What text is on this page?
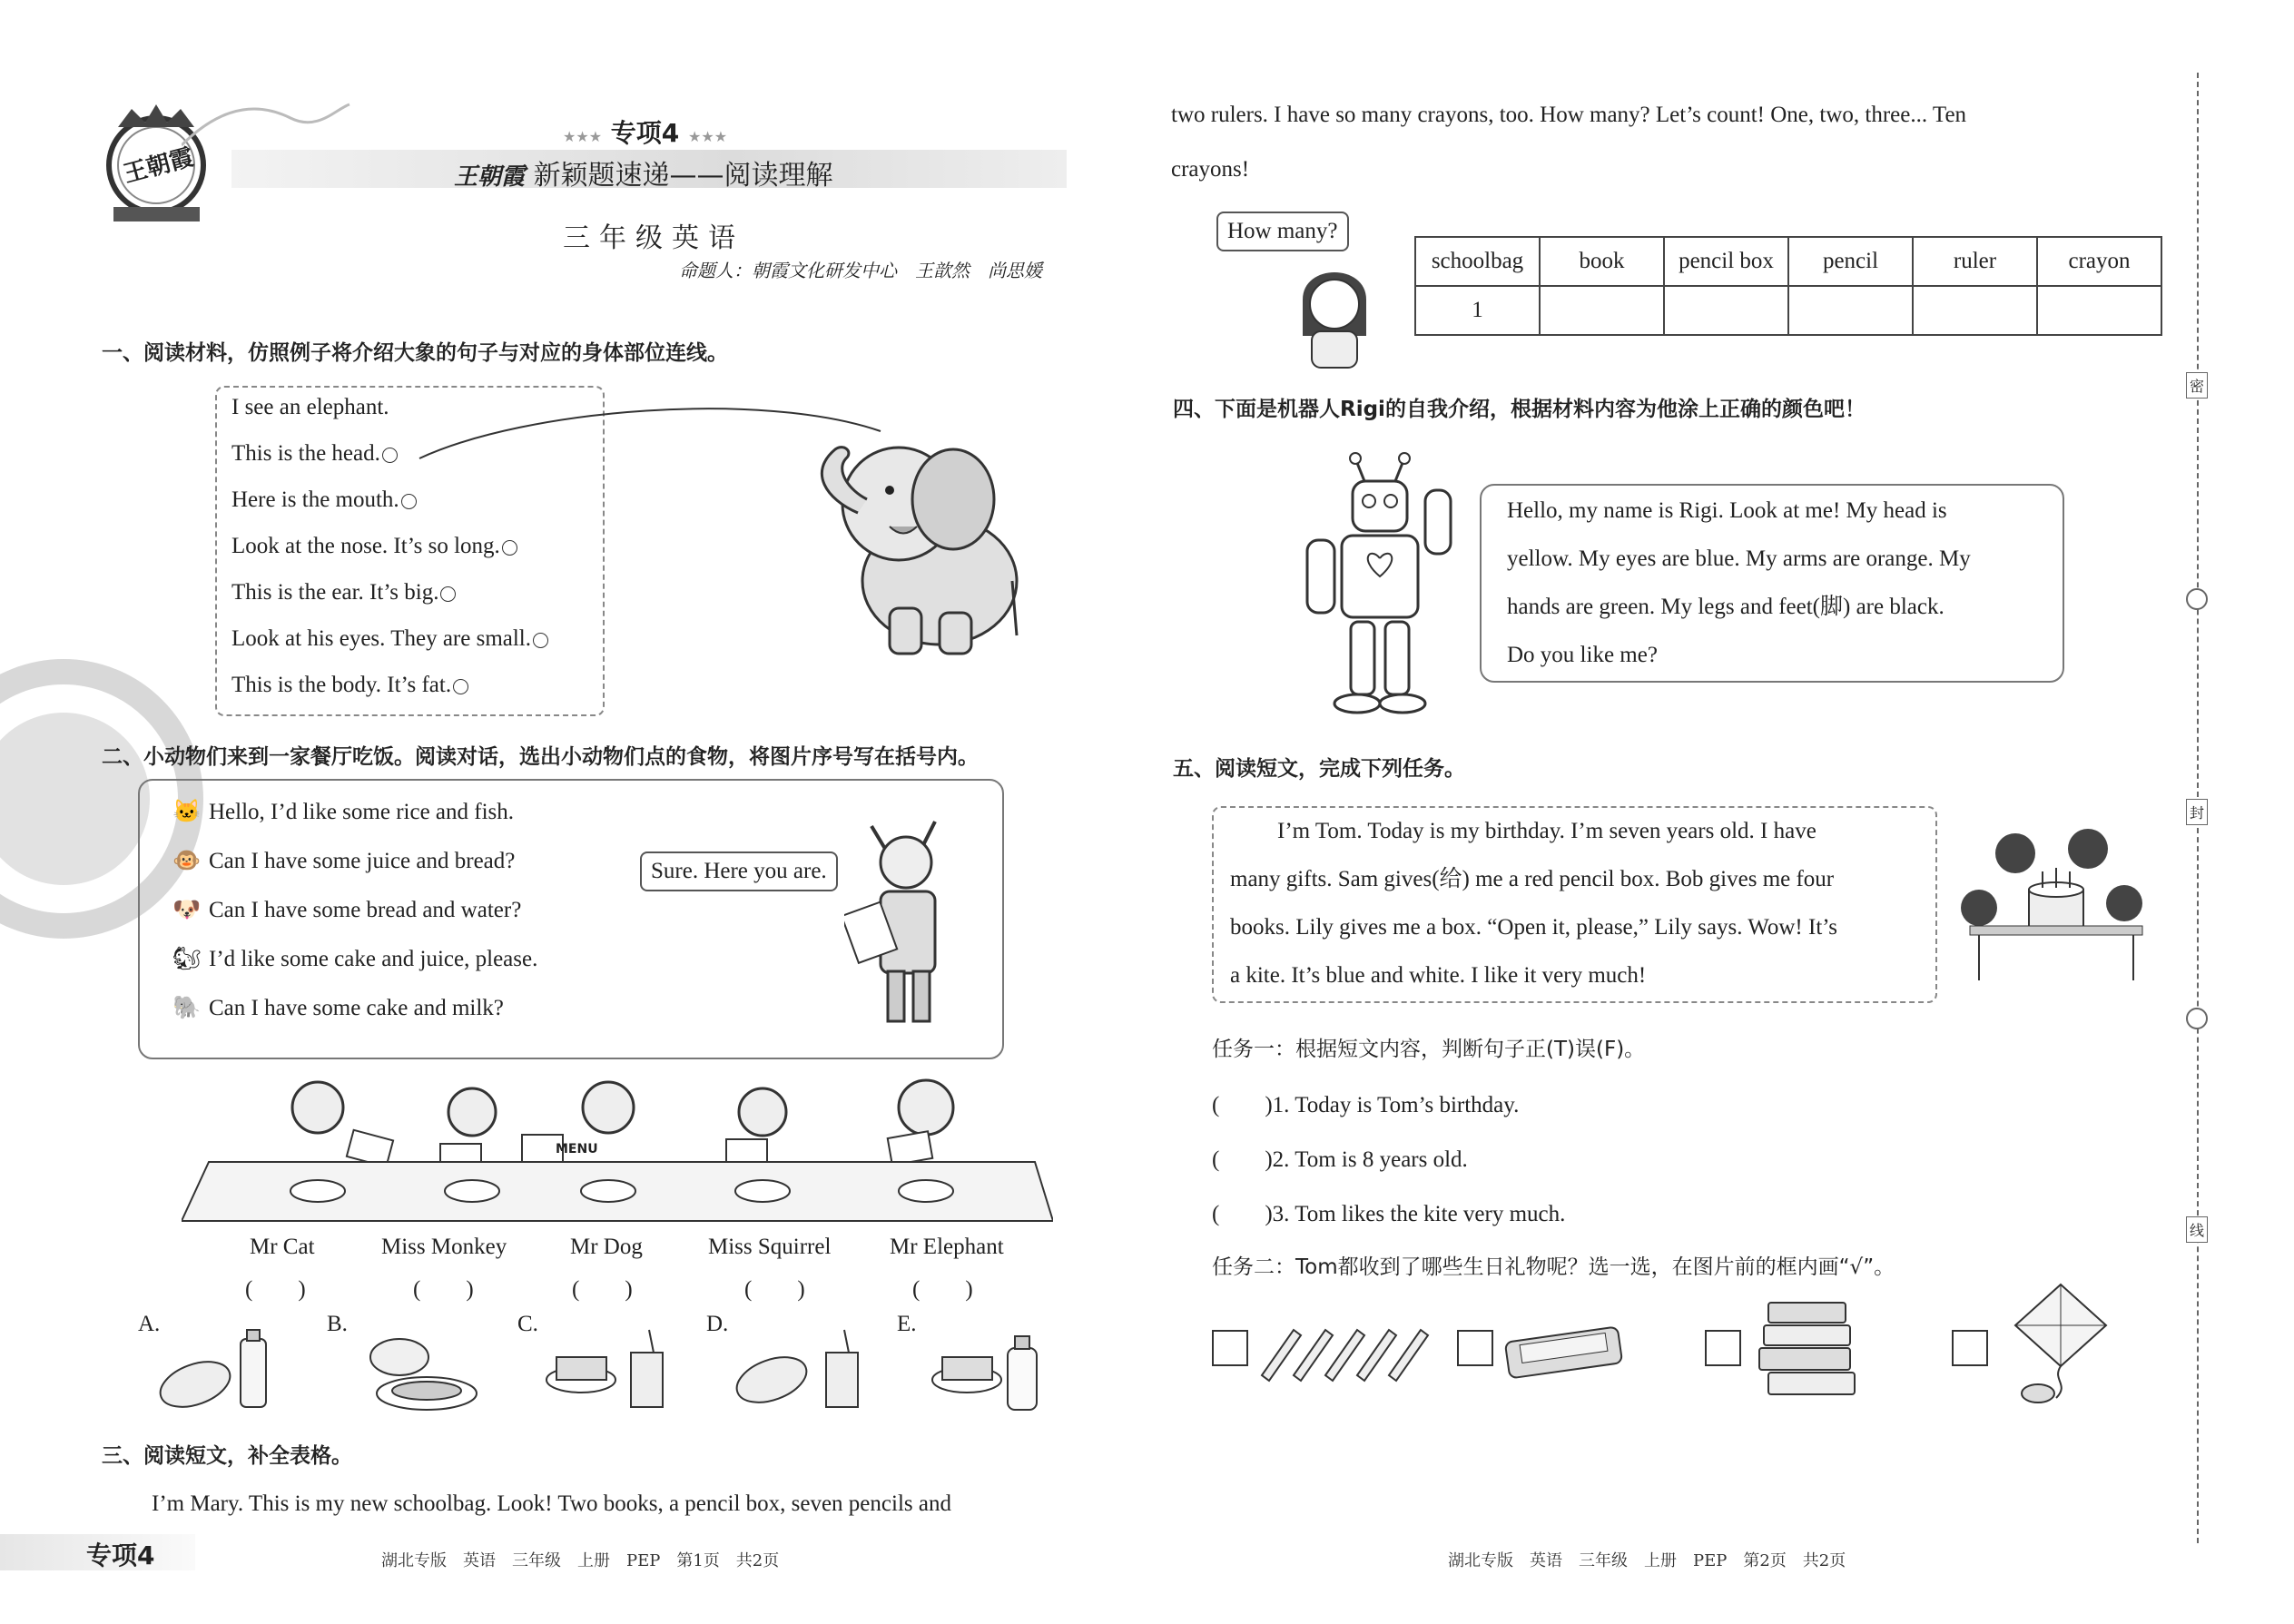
王朝霞
★★★ 专项4 ★★★
王朝霞 新颖题速递——阅读理解
三年级英语
命题人：朝霞文化研发中心　王歆然　尚思媛
一、阅读材料，仿照例子将介绍大象的句子与对应的身体部位连线。
I see an elephant.
This is the head.
Here is the mouth.
Look at the nose. It’s so long.
This is the ear. It’s big.
Look at his eyes. They are small.
This is the body. It’s fat.
二、小动物们来到一家餐厅吃饭。阅读对话，选出小动物们点的食物，将图片序号写在括号内。
🐱 Hello, I’d like some rice and fish.
🐵 Can I have some juice and bread?
🐶 Can I have some bread and water?
🐿 I’d like some cake and juice, please.
🐘 Can I have some cake and milk?
Sure. Here you are.
MENU
Mr Cat	Miss Monkey	Mr Dog	Miss Squirrel	Mr Elephant
(　　)	(　　)	(　　)	(　　)	(　　)
A.	B.	C.	D.	E.
三、阅读短文，补全表格。
I’m Mary. This is my new schoolbag. Look! Two books, a pencil box, seven pencils and
专项4	湖北专版　英语　三年级　上册　PEP　第1页　共2页
two rulers. I have so many crayons, too. How many? Let’s count! One, two, three... Ten
crayons!
How many?
schoolbag	book	pencil box	pencil	ruler	crayon
1					
四、下面是机器人Rigi的自我介绍，根据材料内容为他涂上正确的颜色吧！
Hello, my name is Rigi. Look at me! My head is
yellow. My eyes are blue. My arms are orange. My
hands are green. My legs and feet(脚) are black.
Do you like me?
五、阅读短文，完成下列任务。
I’m Tom. Today is my birthday. I’m seven years old. I have
many gifts. Sam gives(给) me a red pencil box. Bob gives me four
books. Lily gives me a box. “Open it, please,” Lily says. Wow! It’s
a kite. It’s blue and white. I like it very much!
任务一：根据短文内容，判断句子正(T)误(F)。
(　　)1. Today is Tom’s birthday.
(　　)2. Tom is 8 years old.
(　　)3. Tom likes the kite very much.
任务二：Tom都收到了哪些生日礼物呢？选一选，在图片前的框内画“√”。
湖北专版　英语　三年级　上册　PEP　第2页　共2页
密
封
线
